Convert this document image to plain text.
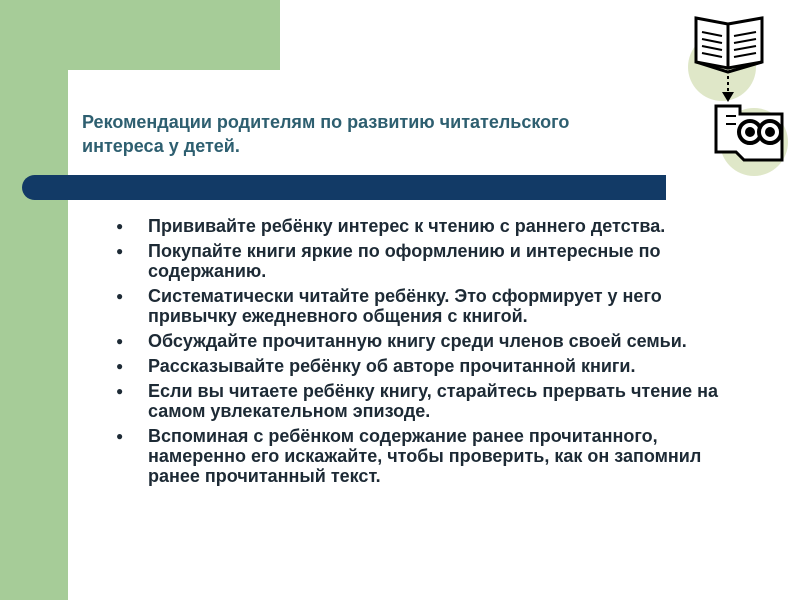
Рекомендации родителям по развитию читательского
интереса у детей.
● Прививайте ребёнку интерес к чтению с раннего детства.
● Покупайте книги яркие по оформлению и интересные по содержанию.
● Систематически читайте ребёнку. Это сформирует у него привычку ежедневного общения с книгой.
● Обсуждайте прочитанную книгу среди членов своей семьи.
● Рассказывайте ребёнку об авторе прочитанной книги.
● Если вы читаете ребёнку книгу, старайтесь прервать чтение на самом увлекательном эпизоде.
● Вспоминая с ребёнком содержание ранее прочитанного, намеренно его искажайте, чтобы проверить, как он запомнил ранее прочитанный текст.
